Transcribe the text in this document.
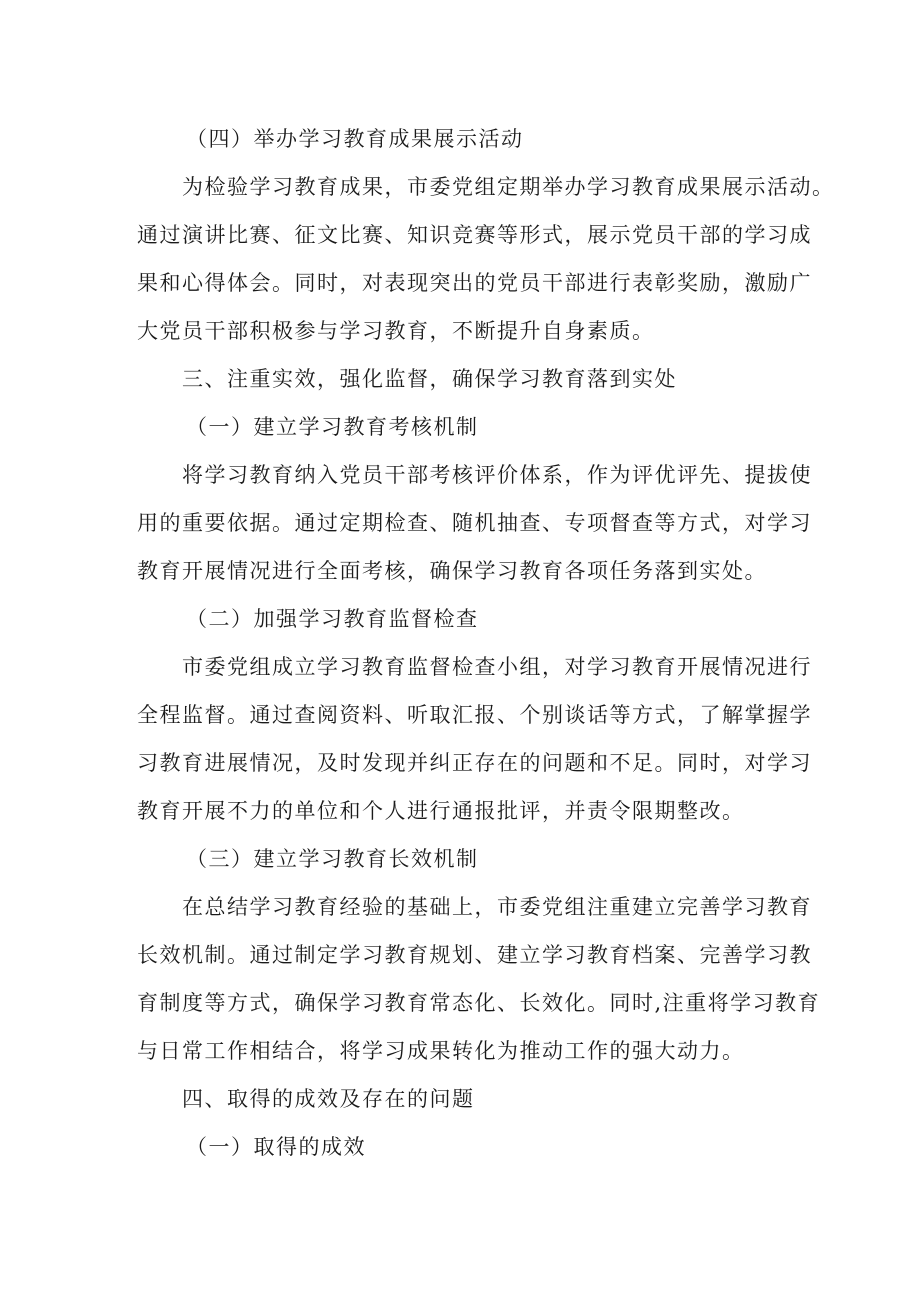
（四）举办学习教育成果展示活动
为检验学习教育成果，市委党组定期举办学习教育成果展示活动。
通过演讲比赛、征文比赛、知识竞赛等形式，展示党员干部的学习成
果和心得体会。同时，对表现突出的党员干部进行表彰奖励，激励广
大党员干部积极参与学习教育，不断提升自身素质。
三、注重实效，强化监督，确保学习教育落到实处
（一）建立学习教育考核机制
将学习教育纳入党员干部考核评价体系，作为评优评先、提拔使
用的重要依据。通过定期检查、随机抽查、专项督查等方式，对学习
教育开展情况进行全面考核，确保学习教育各项任务落到实处。
（二）加强学习教育监督检查
市委党组成立学习教育监督检查小组，对学习教育开展情况进行
全程监督。通过查阅资料、听取汇报、个别谈话等方式，了解掌握学
习教育进展情况，及时发现并纠正存在的问题和不足。同时，对学习
教育开展不力的单位和个人进行通报批评，并责令限期整改。
（三）建立学习教育长效机制
在总结学习教育经验的基础上，市委党组注重建立完善学习教育
长效机制。通过制定学习教育规划、建立学习教育档案、完善学习教
育制度等方式，确保学习教育常态化、长效化。同时,注重将学习教育
与日常工作相结合，将学习成果转化为推动工作的强大动力。
四、取得的成效及存在的问题
（一）取得的成效
